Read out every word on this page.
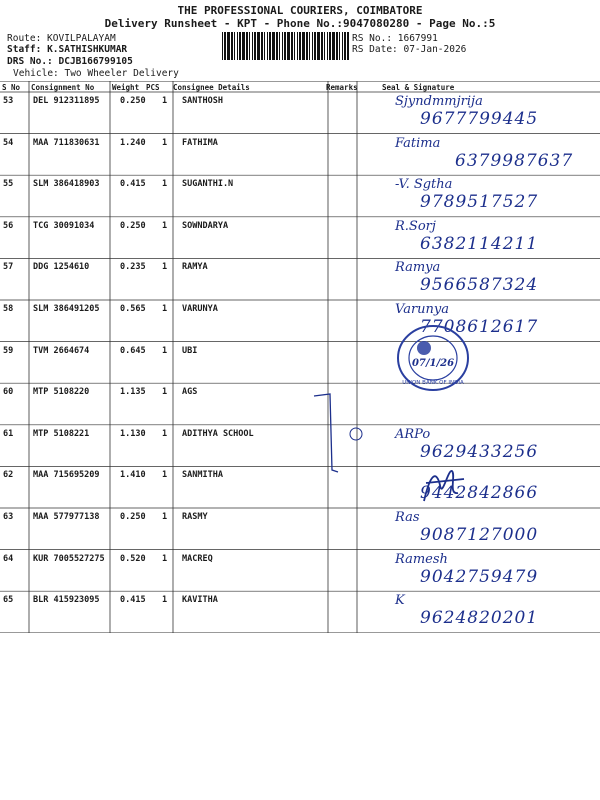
THE PROFESSIONAL COURIERS, COIMBATORE
Delivery Runsheet - KPT - Phone No.:9047080280 - Page No.:5
Route: KOVILPALAYAM
Staff: K.SATHISHKUMAR
DRS No.: DCJB166799105
Vehicle: Two Wheeler Delivery
RS No.: 1667991
RS Date: 07-Jan-2026
S No Consignment No Weight PCS Consignee Details	Remarks	Seal & Signature
53 DEL 912311895 0.250 1 SANTHOSH	Sjyndmmjrija
9677799445
54 MAA 711830631 1.240 1 FATHIMA	Fatima
6379987637
55 SLM 386418903 0.415 1 SUGANTHI.N	-V. Sgtha
9789517527
56 TCG 30091034	0.250 1 SOWNDARYA	R.Sorj
6382114211
57 DDG 1254610	0.235 1 RAMYA	Ramya
9566587324
58 SLM 386491205 0.565 1 VARUNYA	Varunya
7708612617
59 TVM 2664674	0.645 1 UBI
60 MTP 5108220	1.135 1 AGS
61 MTP 5108221	1.130 1 ADITHYA SCHOOL	ARPo
9629433256
62 MAA 715695209 1.410 1 SANMITHA
9442842866
63 MAA 577977138 0.250 1 RASMY	Ras
9087127000
64 KUR 7005527275 0.520 1 MACREQ	Ramesh
9042759479
65 BLR 415923095 0.415 1 KAVITHA	K
9624820201
07/1/26
UNION BANK OF INDIA
